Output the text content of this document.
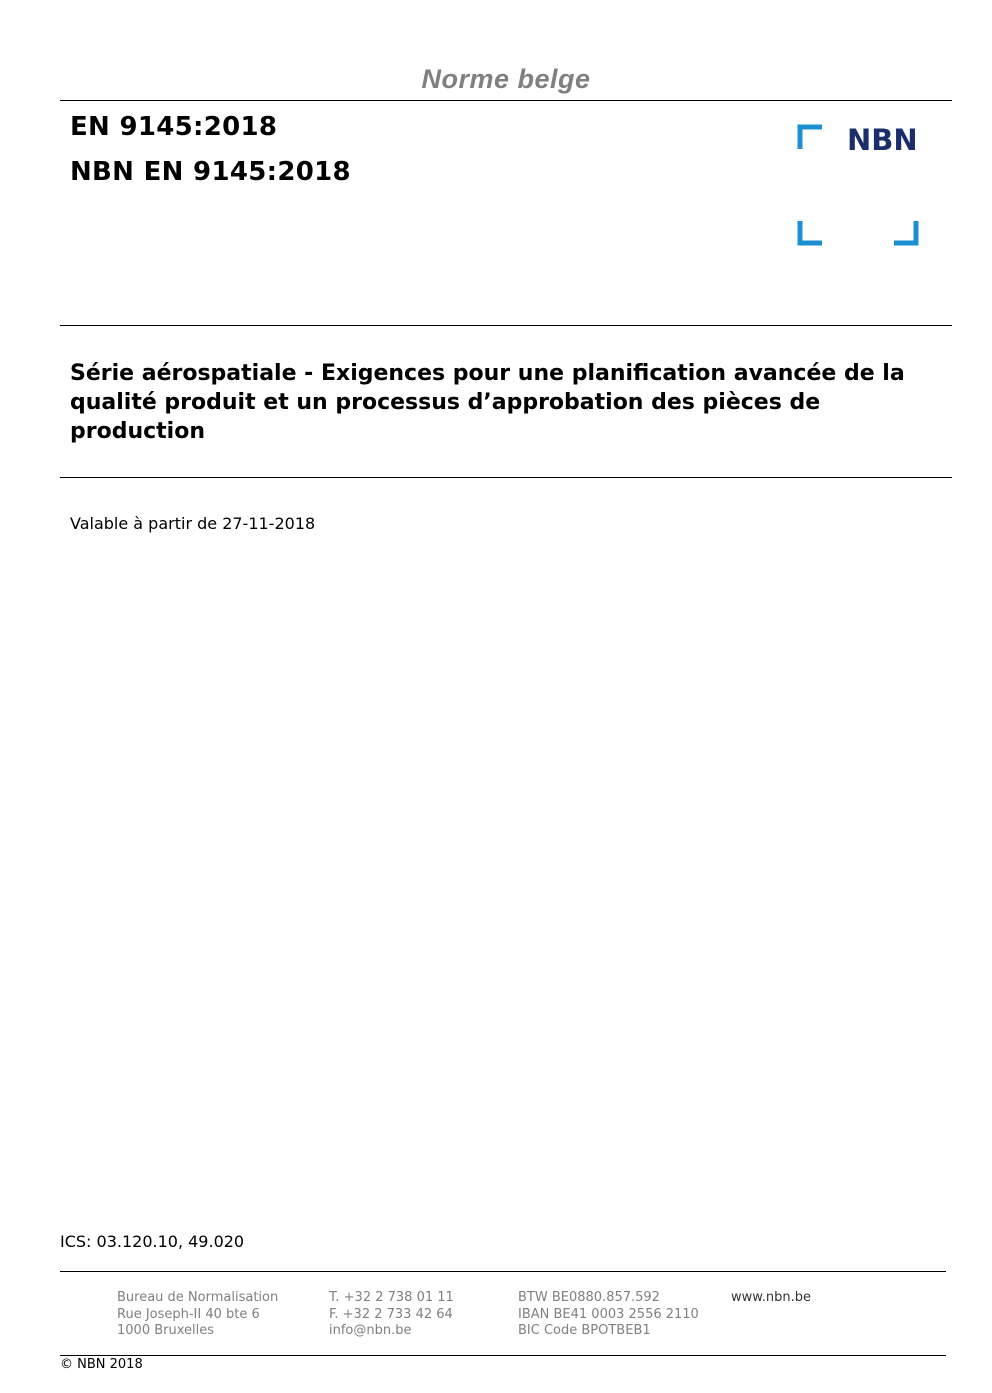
Norme belge
EN 9145:2018
NBN EN 9145:2018
NBN
Série aérospatiale - Exigences pour une planification avancée de la qualité produit et un processus d’approbation des pièces de production
Valable à partir de 27-11-2018
ICS: 03.120.10, 49.020
Bureau de Normalisation
Rue Joseph-II 40 bte 6
1000 Bruxelles
T. +32 2 738 01 11
F. +32 2 733 42 64
info@nbn.be
BTW BE0880.857.592
IBAN BE41 0003 2556 2110
BIC Code BPOTBEB1
www.nbn.be
© NBN 2018
